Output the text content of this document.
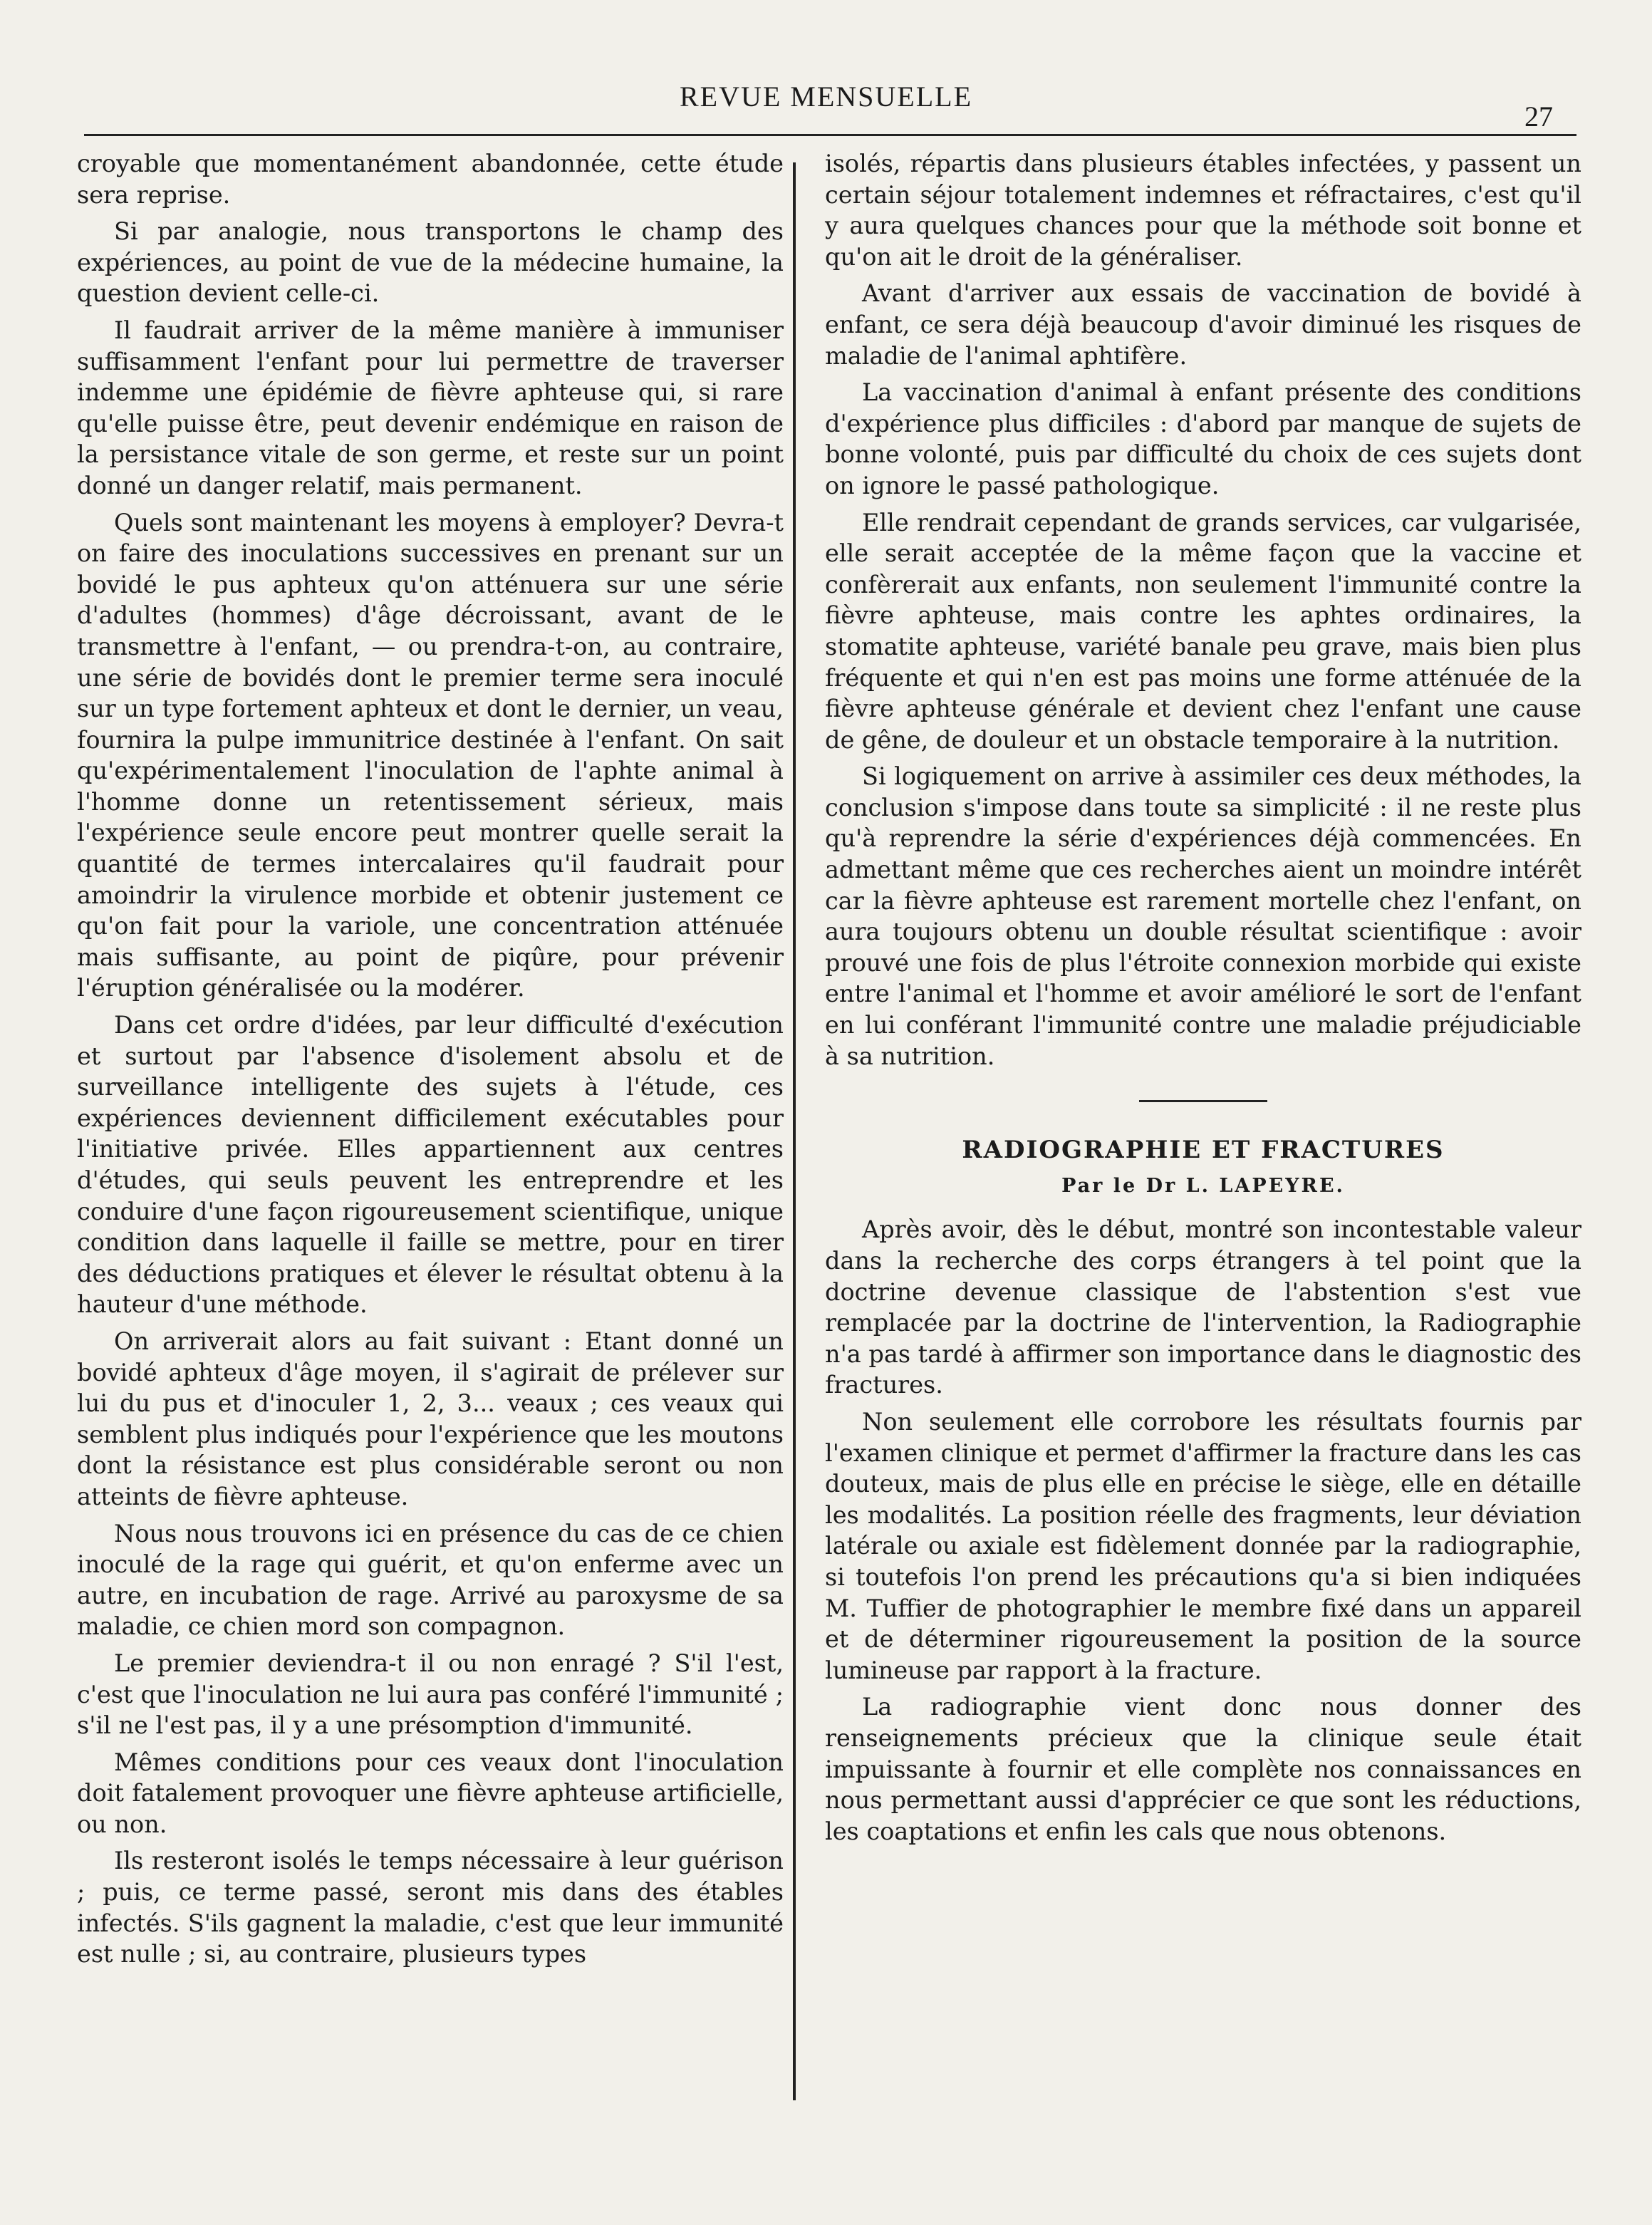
REVUE MENSUELLE
27

croyable que momentanément abandonnée, cette étude sera reprise.

Si par analogie, nous transportons le champ des expériences, au point de vue de la médecine humaine, la question devient celle-ci.

Il faudrait arriver de la même manière à immuniser suffisamment l'enfant pour lui permettre de traverser indemme une épidémie de fièvre aphteuse qui, si rare qu'elle puisse être, peut devenir endémique en raison de la persistance vitale de son germe, et reste sur un point donné un danger relatif, mais permanent.

Quels sont maintenant les moyens à employer? Devra-t on faire des inoculations successives en prenant sur un bovidé le pus aphteux qu'on atténuera sur une série d'adultes (hommes) d'âge décroissant, avant de le transmettre à l'enfant, — ou prendra-t-on, au contraire, une série de bovidés dont le premier terme sera inoculé sur un type fortement aphteux et dont le dernier, un veau, fournira la pulpe immunitrice destinée à l'enfant. On sait qu'expérimentalement l'inoculation de l'aphte animal à l'homme donne un retentissement sérieux, mais l'expérience seule encore peut montrer quelle serait la quantité de termes intercalaires qu'il faudrait pour amoindrir la virulence morbide et obtenir justement ce qu'on fait pour la variole, une concentration atténuée mais suffisante, au point de piqûre, pour prévenir l'éruption généralisée ou la modérer.

Dans cet ordre d'idées, par leur difficulté d'exécution et surtout par l'absence d'isolement absolu et de surveillance intelligente des sujets à l'étude, ces expériences deviennent difficilement exécutables pour l'initiative privée. Elles appartiennent aux centres d'études, qui seuls peuvent les entreprendre et les conduire d'une façon rigoureusement scientifique, unique condition dans laquelle il faille se mettre, pour en tirer des déductions pratiques et élever le résultat obtenu à la hauteur d'une méthode.

On arriverait alors au fait suivant : Etant donné un bovidé aphteux d'âge moyen, il s'agirait de prélever sur lui du pus et d'inoculer 1, 2, 3... veaux ; ces veaux qui semblent plus indiqués pour l'expérience que les moutons dont la résistance est plus considérable seront ou non atteints de fièvre aphteuse.

Nous nous trouvons ici en présence du cas de ce chien inoculé de la rage qui guérit, et qu'on enferme avec un autre, en incubation de rage. Arrivé au paroxysme de sa maladie, ce chien mord son compagnon.

Le premier deviendra-t il ou non enragé ? S'il l'est, c'est que l'inoculation ne lui aura pas conféré l'immunité ; s'il ne l'est pas, il y a une présomption d'immunité.

Mêmes conditions pour ces veaux dont l'inoculation doit fatalement provoquer une fièvre aphteuse artificielle, ou non.

Ils resteront isolés le temps nécessaire à leur guérison ; puis, ce terme passé, seront mis dans des étables infectés. S'ils gagnent la maladie, c'est que leur immunité est nulle ; si, au contraire, plusieurs types

isolés, répartis dans plusieurs étables infectées, y passent un certain séjour totalement indemnes et réfractaires, c'est qu'il y aura quelques chances pour que la méthode soit bonne et qu'on ait le droit de la généraliser.

Avant d'arriver aux essais de vaccination de bovidé à enfant, ce sera déjà beaucoup d'avoir diminué les risques de maladie de l'animal aphtifère.

La vaccination d'animal à enfant présente des conditions d'expérience plus difficiles : d'abord par manque de sujets de bonne volonté, puis par difficulté du choix de ces sujets dont on ignore le passé pathologique.

Elle rendrait cependant de grands services, car vulgarisée, elle serait acceptée de la même façon que la vaccine et confèrerait aux enfants, non seulement l'immunité contre la fièvre aphteuse, mais contre les aphtes ordinaires, la stomatite aphteuse, variété banale peu grave, mais bien plus fréquente et qui n'en est pas moins une forme atténuée de la fièvre aphteuse générale et devient chez l'enfant une cause de gêne, de douleur et un obstacle temporaire à la nutrition.

Si logiquement on arrive à assimiler ces deux méthodes, la conclusion s'impose dans toute sa simplicité : il ne reste plus qu'à reprendre la série d'expériences déjà commencées. En admettant même que ces recherches aient un moindre intérêt car la fièvre aphteuse est rarement mortelle chez l'enfant, on aura toujours obtenu un double résultat scientifique : avoir prouvé une fois de plus l'étroite connexion morbide qui existe entre l'animal et l'homme et avoir amélioré le sort de l'enfant en lui conférant l'immunité contre une maladie préjudiciable à sa nutrition.

RADIOGRAPHIE ET FRACTURES
Par le Dr L. LAPEYRE.

Après avoir, dès le début, montré son incontestable valeur dans la recherche des corps étrangers à tel point que la doctrine devenue classique de l'abstention s'est vue remplacée par la doctrine de l'intervention, la Radiographie n'a pas tardé à affirmer son importance dans le diagnostic des fractures.

Non seulement elle corrobore les résultats fournis par l'examen clinique et permet d'affirmer la fracture dans les cas douteux, mais de plus elle en précise le siège, elle en détaille les modalités. La position réelle des fragments, leur déviation latérale ou axiale est fidèlement donnée par la radiographie, si toutefois l'on prend les précautions qu'a si bien indiquées M. Tuffier de photographier le membre fixé dans un appareil et de déterminer rigoureusement la position de la source lumineuse par rapport à la fracture.

La radiographie vient donc nous donner des renseignements précieux que la clinique seule était impuissante à fournir et elle complète nos connaissances en nous permettant aussi d'apprécier ce que sont les réductions, les coaptations et enfin les cals que nous obtenons.
